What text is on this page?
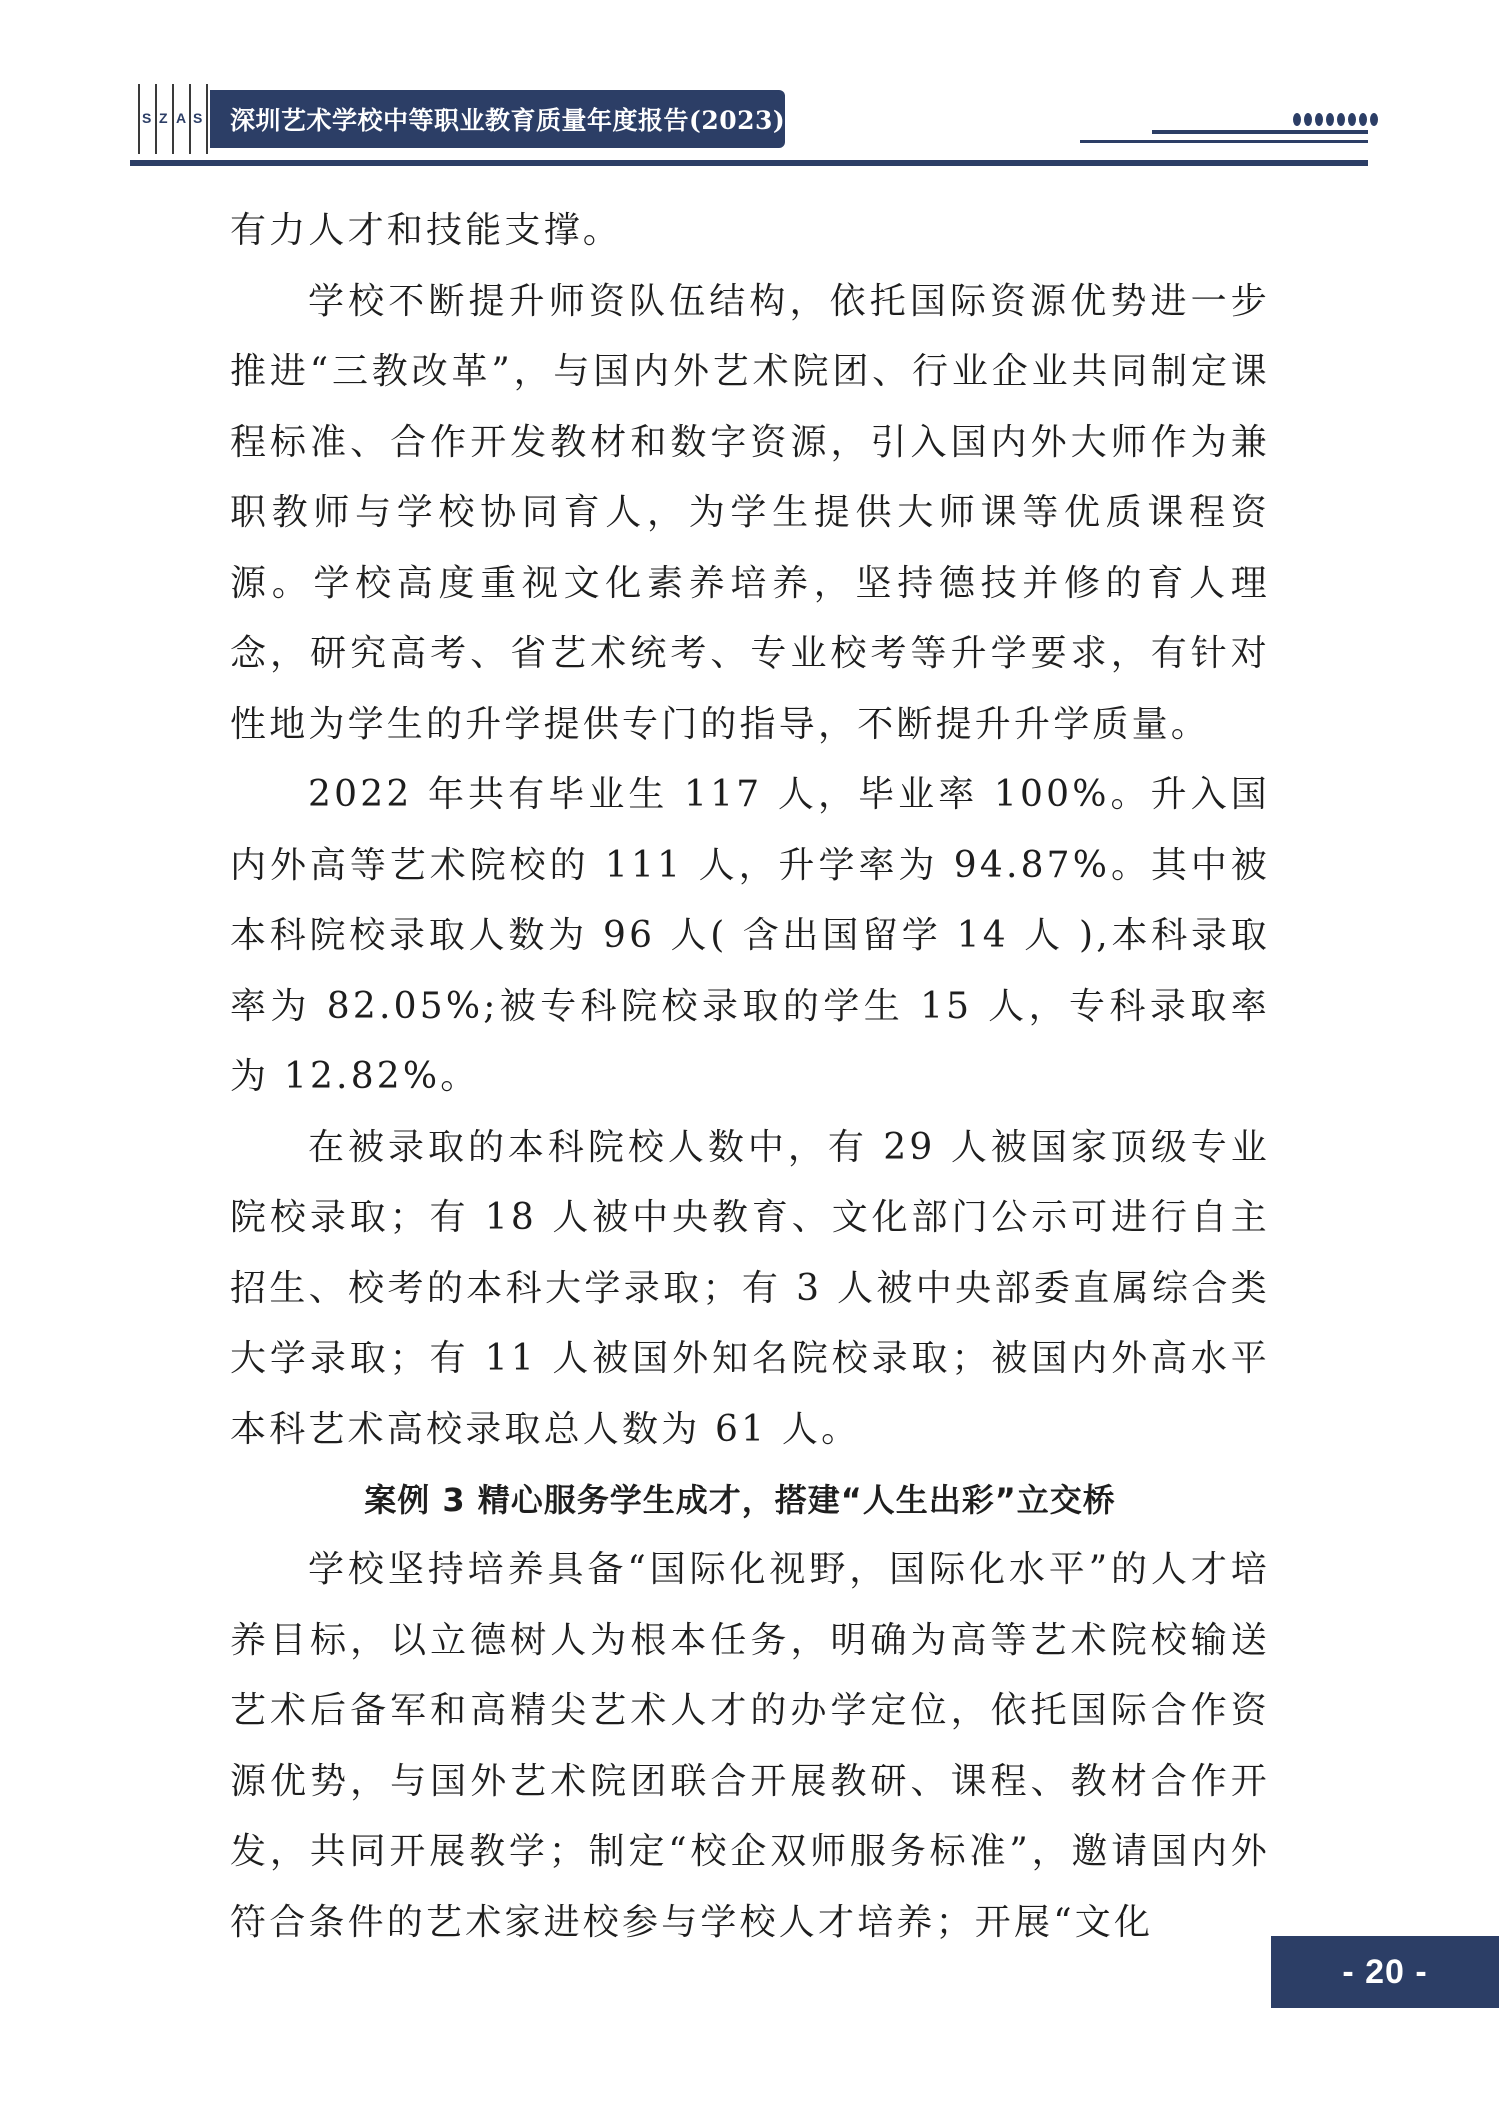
S Z A S 深圳艺术学校中等职业教育质量年度报告(2023)

有力人才和技能支撑。

学校不断提升师资队伍结构，依托国际资源优势进一步推进“三教改革”，与国内外艺术院团、行业企业共同制定课程标准、合作开发教材和数字资源，引入国内外大师作为兼职教师与学校协同育人，为学生提供大师课等优质课程资源。学校高度重视文化素养培养，坚持德技并修的育人理念，研究高考、省艺术统考、专业校考等升学要求，有针对性地为学生的升学提供专门的指导，不断提升升学质量。

2022 年共有毕业生 117 人，毕业率 100%。升入国内外高等艺术院校的 111 人，升学率为 94.87%。其中被本科院校录取人数为 96 人( 含出国留学 14 人 ),本科录取率为 82.05%;被专科院校录取的学生 15 人，专科录取率为 12.82%。

在被录取的本科院校人数中，有 29 人被国家顶级专业院校录取；有 18 人被中央教育、文化部门公示可进行自主招生、校考的本科大学录取；有 3 人被中央部委直属综合类大学录取；有 11 人被国外知名院校录取；被国内外高水平本科艺术高校录取总人数为 61 人。

案例 3 精心服务学生成才，搭建“人生出彩”立交桥

学校坚持培养具备“国际化视野，国际化水平”的人才培养目标，以立德树人为根本任务，明确为高等艺术院校输送艺术后备军和高精尖艺术人才的办学定位，依托国际合作资源优势，与国外艺术院团联合开展教研、课程、教材合作开发，共同开展教学；制定“校企双师服务标准”，邀请国内外符合条件的艺术家进校参与学校人才培养；开展“文化

- 20 -
